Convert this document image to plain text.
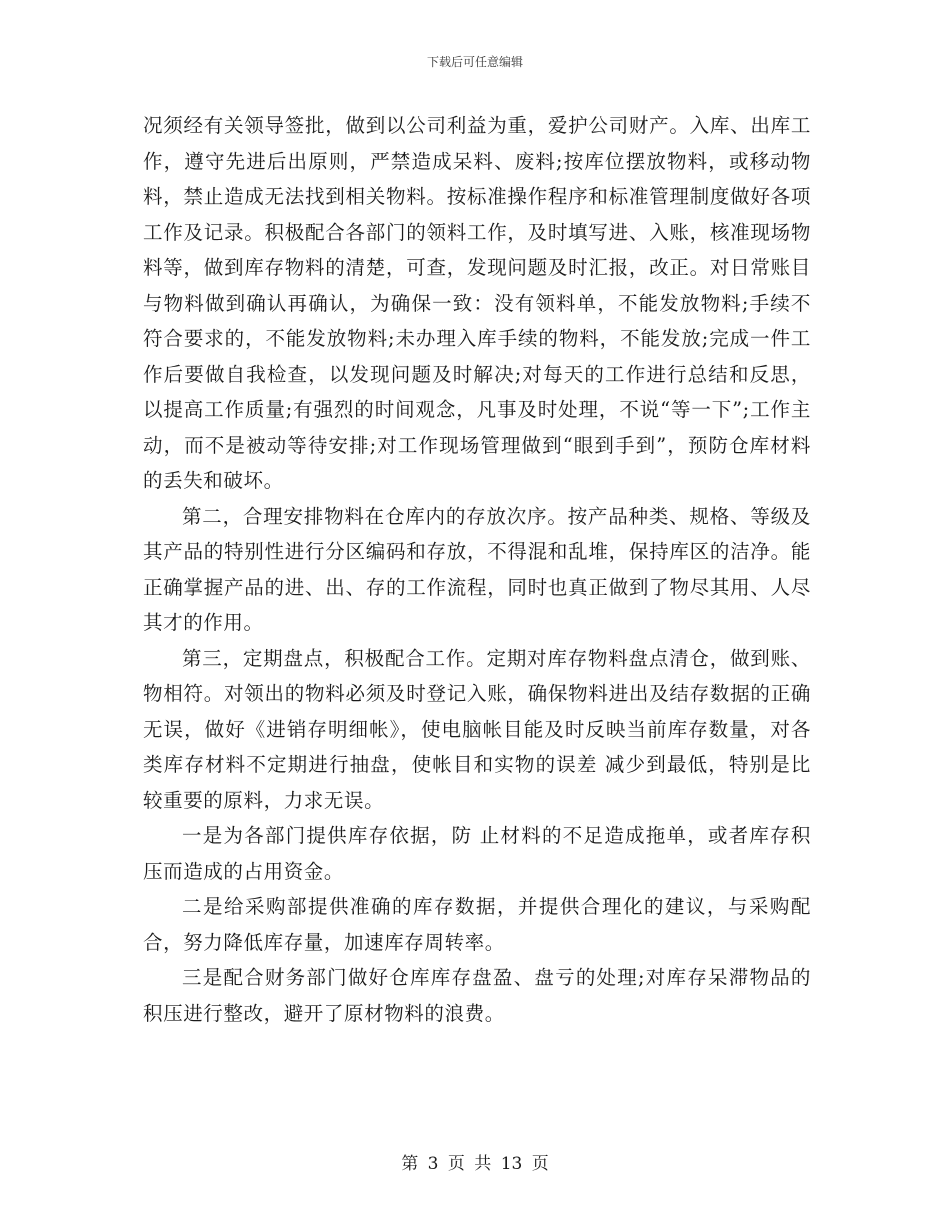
下载后可任意编辑

况须经有关领导签批，做到以公司利益为重，爱护公司财产。入库、出库工作，遵守先进后出原则，严禁造成呆料、废料;按库位摆放物料，或移动物料，禁止造成无法找到相关物料。按标准操作程序和标准管理制度做好各项工作及记录。积极配合各部门的领料工作，及时填写进、入账，核准现场物料等，做到库存物料的清楚，可查，发现问题及时汇报，改正。对日常账目与物料做到确认再确认，为确保一致：没有领料单，不能发放物料;手续不符合要求的，不能发放物料;未办理入库手续的物料，不能发放;完成一件工作后要做自我检查，以发现问题及时解决;对每天的工作进行总结和反思，以提高工作质量;有强烈的时间观念，凡事及时处理，不说“等一下”;工作主动，而不是被动等待安排;对工作现场管理做到“眼到手到”，预防仓库材料的丢失和破坏。

第二，合理安排物料在仓库内的存放次序。按产品种类、规格、等级及其产品的特别性进行分区编码和存放，不得混和乱堆，保持库区的洁净。能正确掌握产品的进、出、存的工作流程，同时也真正做到了物尽其用、人尽其才的作用。

第三，定期盘点，积极配合工作。定期对库存物料盘点清仓，做到账、物相符。对领出的物料必须及时登记入账，确保物料进出及结存数据的正确无误，做好《进销存明细帐》，使电脑帐目能及时反映当前库存数量，对各类库存材料不定期进行抽盘，使帐目和实物的误差 减少到最低，特别是比较重要的原料，力求无误。

一是为各部门提供库存依据，防 止材料的不足造成拖单，或者库存积压而造成的占用资金。

二是给采购部提供准确的库存数据，并提供合理化的建议，与采购配合，努力降低库存量，加速库存周转率。

三是配合财务部门做好仓库库存盘盈、盘亏的处理;对库存呆滞物品的积压进行整改，避开了原材物料的浪费。

第 3 页 共 13 页
